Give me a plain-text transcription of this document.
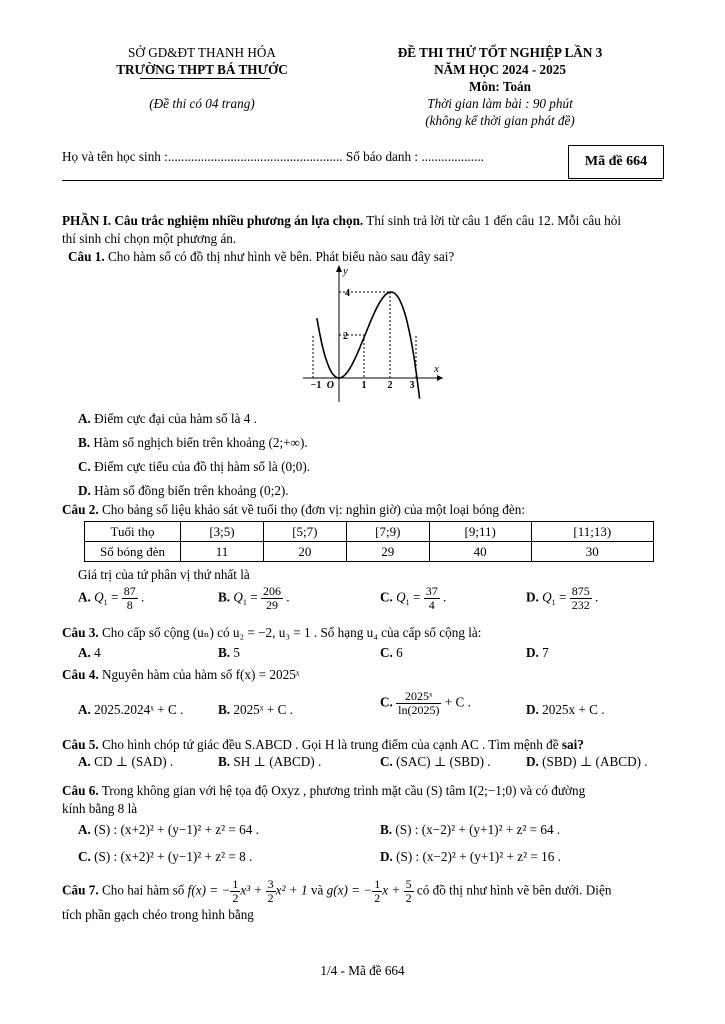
SỞ GD&ĐT THANH HÓA
TRƯỜNG THPT BÁ THƯỚC
(Đề thi có 04 trang)
ĐỀ THI THỬ TỐT NGHIỆP LẦN 3
NĂM HỌC 2024 - 2025
Môn: Toán
Thời gian làm bài : 90 phút
(không kể thời gian phát đề)
Họ và tên học sinh :..................................................... Số báo danh : ...................	Mã đề 664
PHẦN I. Câu trắc nghiệm nhiều phương án lựa chọn. Thí sinh trả lời từ câu 1 đến câu 12. Mỗi câu hỏi
thí sinh chỉ chọn một phương án.
Câu 1. Cho hàm số có đồ thị như hình vẽ bên. Phát biểu nào sau đây sai?
y
x
O
−1	1 2 3
4
2
A. Điểm cực đại của hàm số là 4 .
B. Hàm số nghịch biến trên khoảng (2;+∞).
C. Điểm cực tiểu của đồ thị hàm số là (0;0).
D. Hàm số đồng biến trên khoảng (0;2).
Câu 2. Cho bảng số liệu khảo sát về tuổi thọ (đơn vị: nghìn giờ) của một loại bóng đèn:
Tuổi thọ	[3;5)	[5;7)	[7;9)	[9;11)	[11;13)
Số bóng đèn	11	20	29	40	30
Giá trị của tứ phân vị thứ nhất là
A. $Q_1 = \frac{87}{8}$ .	B. $Q_1 = \frac{206}{29}$ .	C. $Q_1 = \frac{37}{4}$ .	D. $Q_1 = \frac{875}{232}$ .
Câu 3. Cho cấp số cộng (uₙ) có u₂ = −2, u₃ = 1 . Số hạng u₄ của cấp số cộng là:
A. 4	B. 5	C. 6	D. 7
Câu 4. Nguyên hàm của hàm số f(x) = 2025ˣ
A. 2025.2024ˣ + C .	B. 2025ˣ + C .	C. $\frac{\text{2025ˣ}}{\ln(2025)} + C$ .	D. 2025x + C .
Câu 5. Cho hình chóp tứ giác đều S.ABCD . Gọi H là trung điểm của cạnh AC . Tìm mệnh đề sai?
A. CD ⊥ (SAD) .	B. SH ⊥ (ABCD) .	C. (SAC) ⊥ (SBD) .	D. (SBD) ⊥ (ABCD) .
Câu 6. Trong không gian với hệ tọa độ Oxyz , phương trình mặt cầu (S) tâm I(2;−1;0) và có đường
kính bằng 8 là
A. (S) : (x+2)² + (y−1)² + z² = 64 .	B. (S) : (x−2)² + (y+1)² + z² = 64 .
C. (S) : (x+2)² + (y−1)² + z² = 8 .	D. (S) : (x−2)² + (y+1)² + z² = 16 .
Câu 7. Cho hai hàm số f(x) = − $\frac{1}{2} x^3 + \frac{3}{2} x^2 + 1$ và g(x) = − $\frac{1}{2}$ $x + \frac{5}{2}$ có đồ thị như hình vẽ bên dưới. Diện
tích phần gạch chéo trong hình bằng
1/4 - Mã đề 664
